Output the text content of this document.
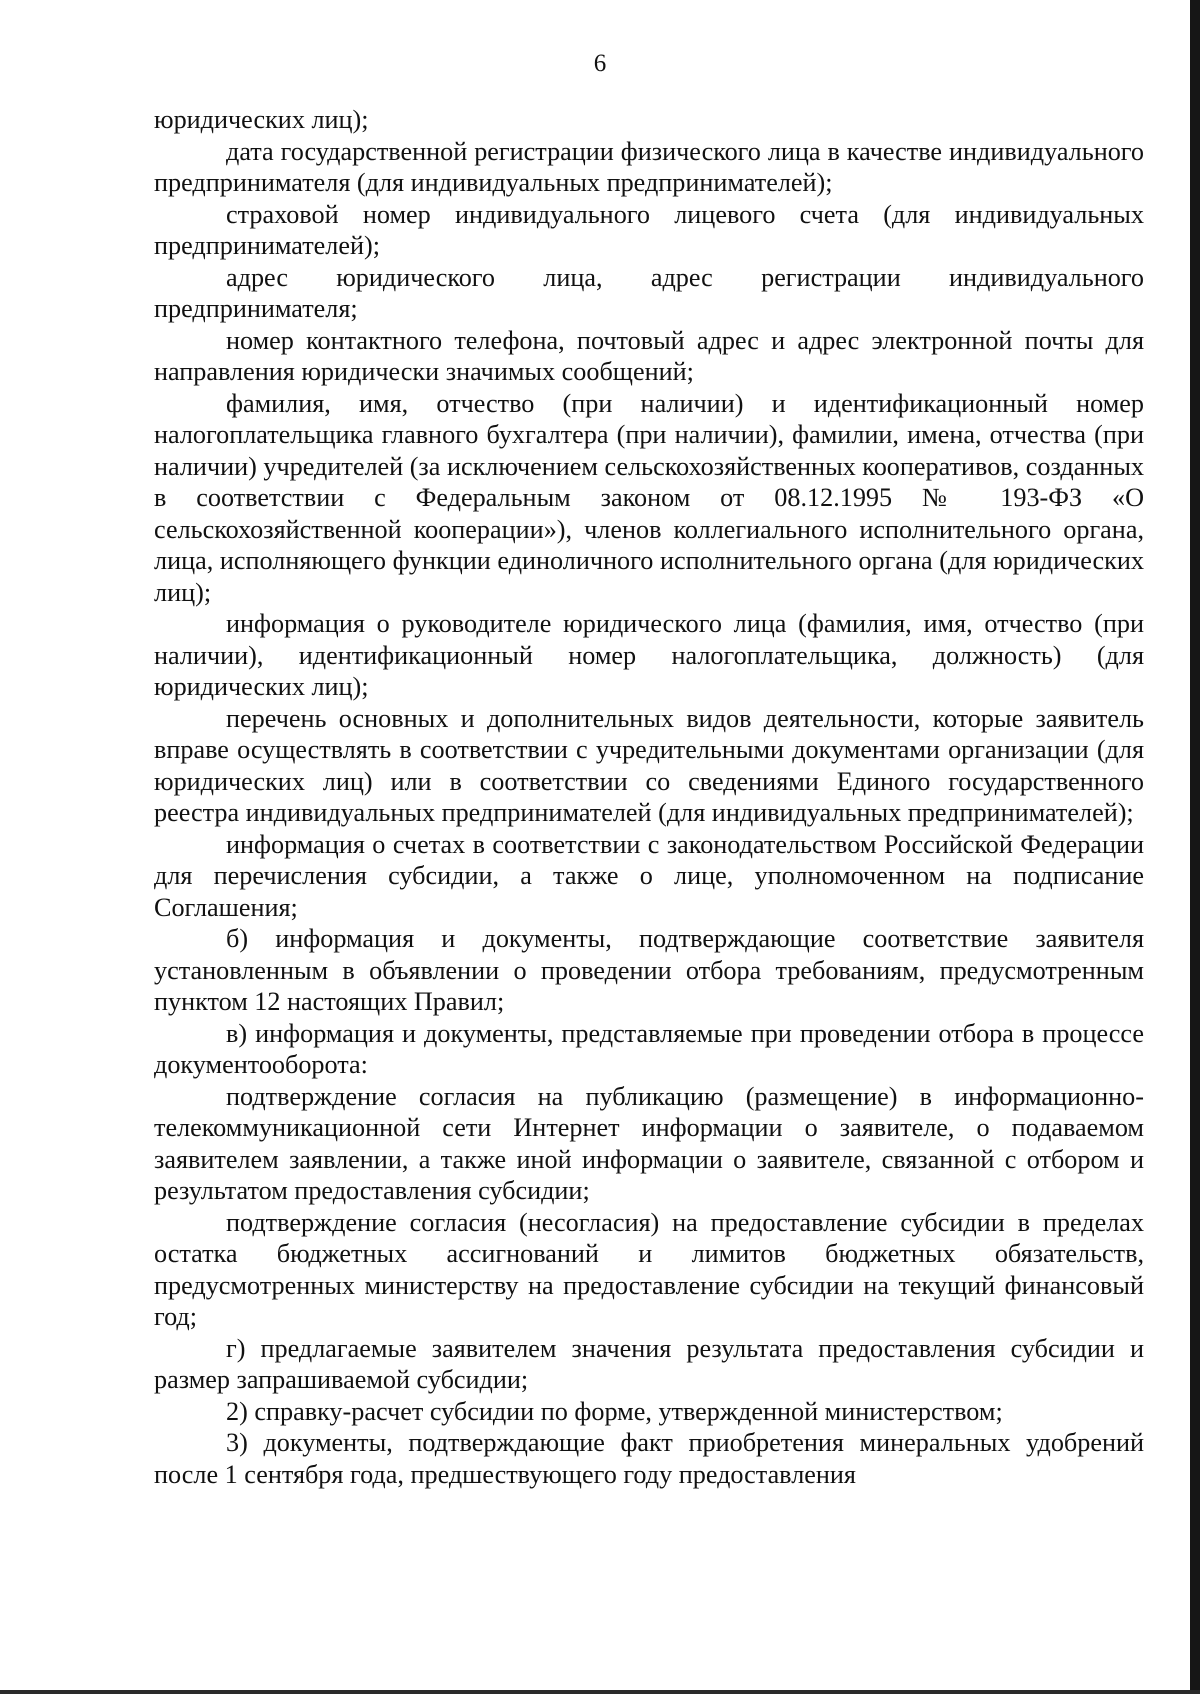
6

юридических лиц);

дата государственной регистрации физического лица в качестве индивидуального предпринимателя (для индивидуальных предпринимателей);

страховой номер индивидуального лицевого счета (для индивидуальных предпринимателей);

адрес юридического лица, адрес регистрации индивидуального предпринимателя;

номер контактного телефона, почтовый адрес и адрес электронной почты для направления юридически значимых сообщений;

фамилия, имя, отчество (при наличии) и идентификационный номер налогоплательщика главного бухгалтера (при наличии), фамилии, имена, отчества (при наличии) учредителей (за исключением сельскохозяйственных кооперативов, созданных в соответствии с Федеральным законом от 08.12.1995 № 193-ФЗ «О сельскохозяйственной кооперации»), членов коллегиального исполнительного органа, лица, исполняющего функции единоличного исполнительного органа (для юридических лиц);

информация о руководителе юридического лица (фамилия, имя, отчество (при наличии), идентификационный номер налогоплательщика, должность) (для юридических лиц);

перечень основных и дополнительных видов деятельности, которые заявитель вправе осуществлять в соответствии с учредительными документами организации (для юридических лиц) или в соответствии со сведениями Единого государственного реестра индивидуальных предпринимателей (для индивидуальных предпринимателей);

информация о счетах в соответствии с законодательством Российской Федерации для перечисления субсидии, а также о лице, уполномоченном на подписание Соглашения;

б) информация и документы, подтверждающие соответствие заявителя установленным в объявлении о проведении отбора требованиям, предусмотренным пунктом 12 настоящих Правил;

в) информация и документы, представляемые при проведении отбора в процессе документооборота:

подтверждение согласия на публикацию (размещение) в информационно-телекоммуникационной сети Интернет информации о заявителе, о подаваемом заявителем заявлении, а также иной информации о заявителе, связанной с отбором и результатом предоставления субсидии;

подтверждение согласия (несогласия) на предоставление субсидии в пределах остатка бюджетных ассигнований и лимитов бюджетных обязательств, предусмотренных министерству на предоставление субсидии на текущий финансовый год;

г) предлагаемые заявителем значения результата предоставления субсидии и размер запрашиваемой субсидии;

2) справку-расчет субсидии по форме, утвержденной министерством;

3) документы, подтверждающие факт приобретения минеральных удобрений после 1 сентября года, предшествующего году предоставления
